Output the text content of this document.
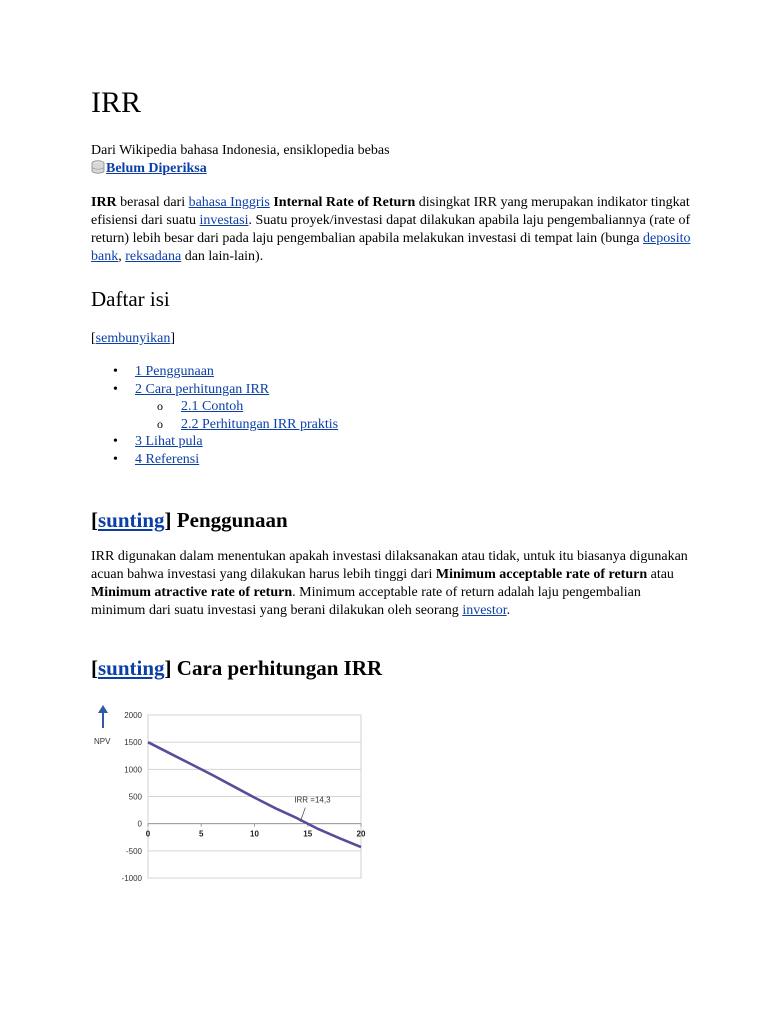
IRR
Dari Wikipedia bahasa Indonesia, ensiklopedia bebas
Belum Diperiksa

IRR berasal dari bahasa Inggris Internal Rate of Return disingkat IRR yang merupakan indikator tingkat efisiensi dari suatu investasi. Suatu proyek/investasi dapat dilakukan apabila laju pengembaliannya (rate of return) lebih besar dari pada laju pengembalian apabila melakukan investasi di tempat lain (bunga deposito bank, reksadana dan lain-lain).

Daftar isi
[sembunyikan]
• 1 Penggunaan
• 2 Cara perhitungan IRR
o 2.1 Contoh
o 2.2 Perhitungan IRR praktis
• 3 Lihat pula
• 4 Referensi
[sunting] Penggunaan

IRR digunakan dalam menentukan apakah investasi dilaksanakan atau tidak, untuk itu biasanya digunakan acuan bahwa investasi yang dilakukan harus lebih tinggi dari Minimum acceptable rate of return atau Minimum atractive rate of return. Minimum acceptable rate of return adalah laju pengembalian minimum dari suatu investasi yang berani dilakukan oleh seorang investor.

[sunting] Cara perhitungan IRR
2000
1500
1000
500
0
-500
-1000
0	5	10	15	20
NPV
IRR =14,3
